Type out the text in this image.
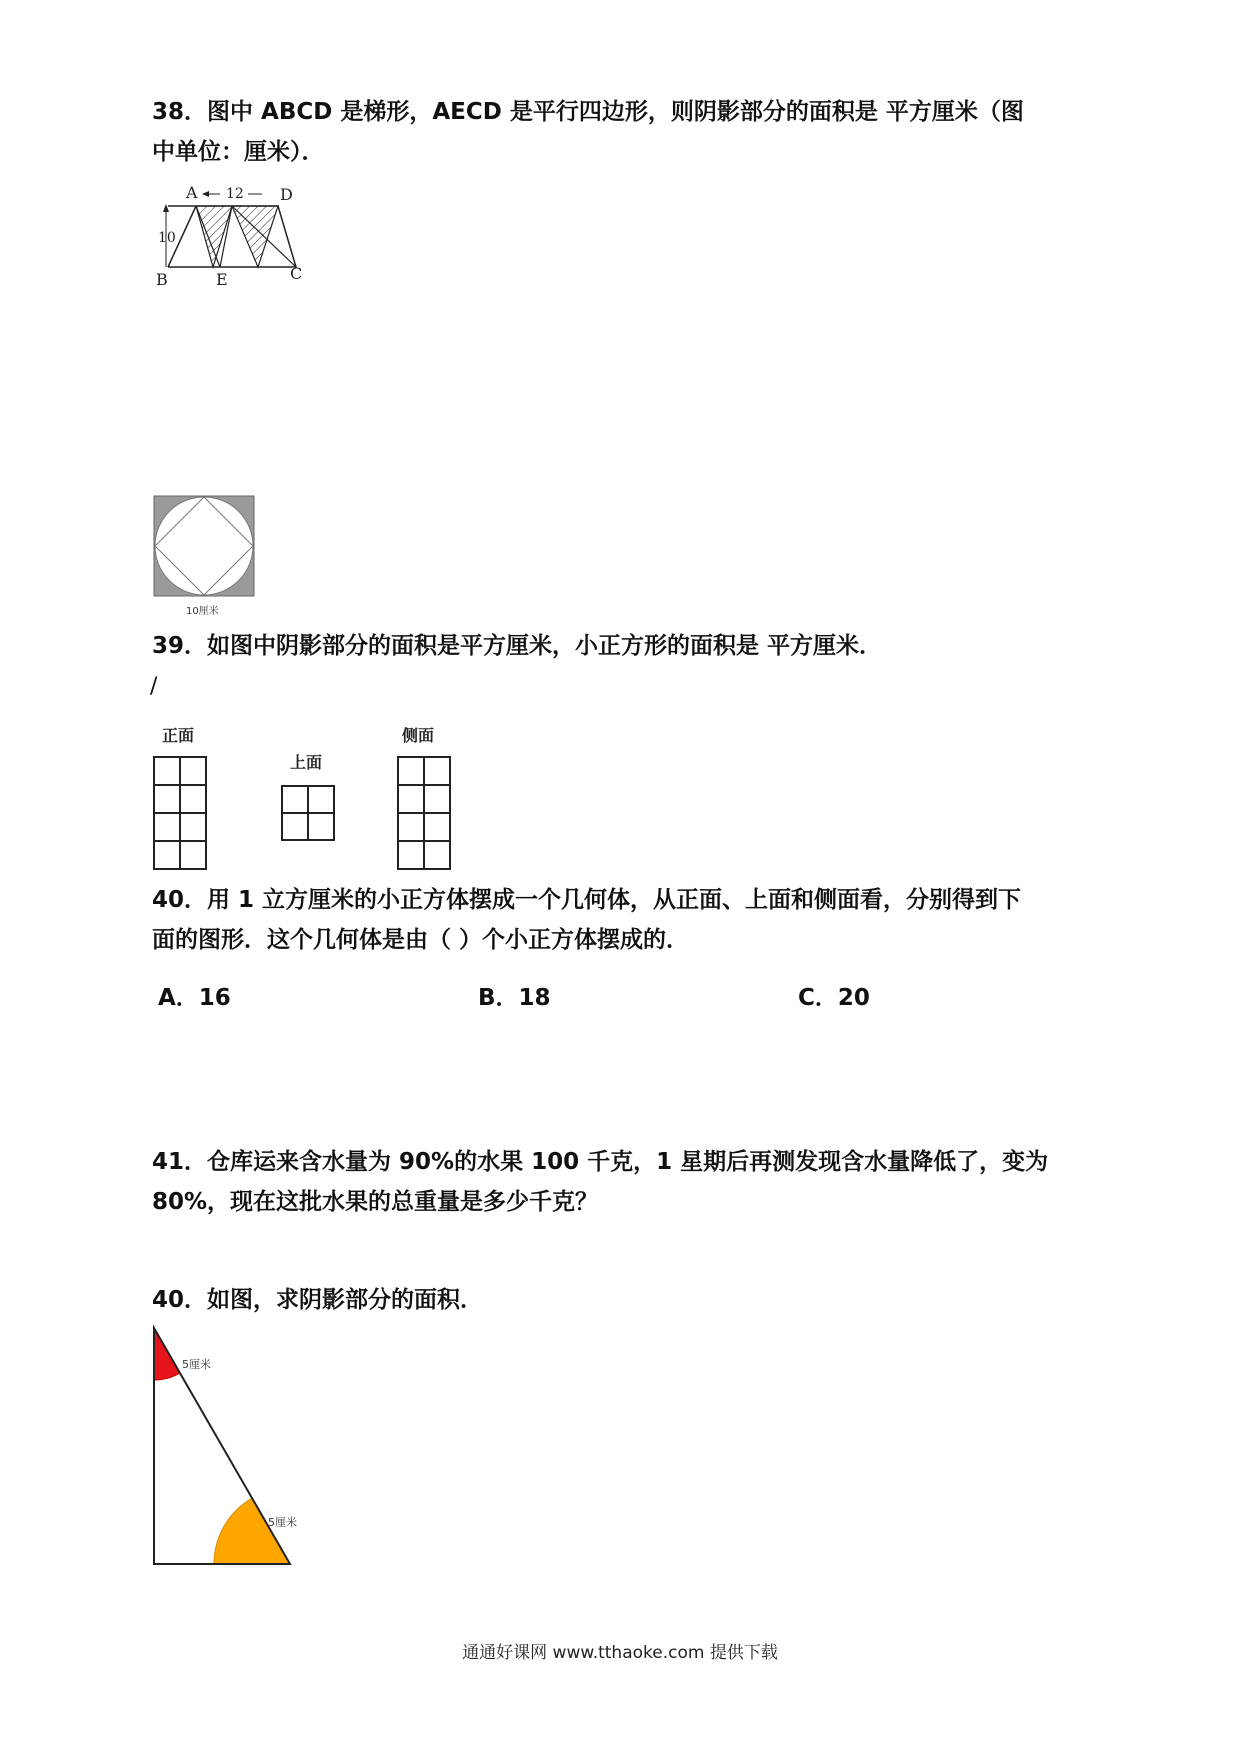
38．图中 ABCD 是梯形，AECD 是平行四边形，则阴影部分的面积是 平方厘米（图
中单位：厘米）．
A	D
B	E	C
12
10
10厘米
39．如图中阴影部分的面积是平方厘米，小正方形的面积是 平方厘米．
/
正面
上面
侧面
40．用 1 立方厘米的小正方体摆成一个几何体，从正面、上面和侧面看，分别得到下
面的图形．这个几何体是由（ ）个小正方体摆成的．
A．16	B．18	C．20
41．仓库运来含水量为 90%的水果 100 千克，1 星期后再测发现含水量降低了，变为
80%，现在这批水果的总重量是多少千克？
40．如图，求阴影部分的面积．
5厘米
5厘米
通通好课网 www.tthaoke.com 提供下载
